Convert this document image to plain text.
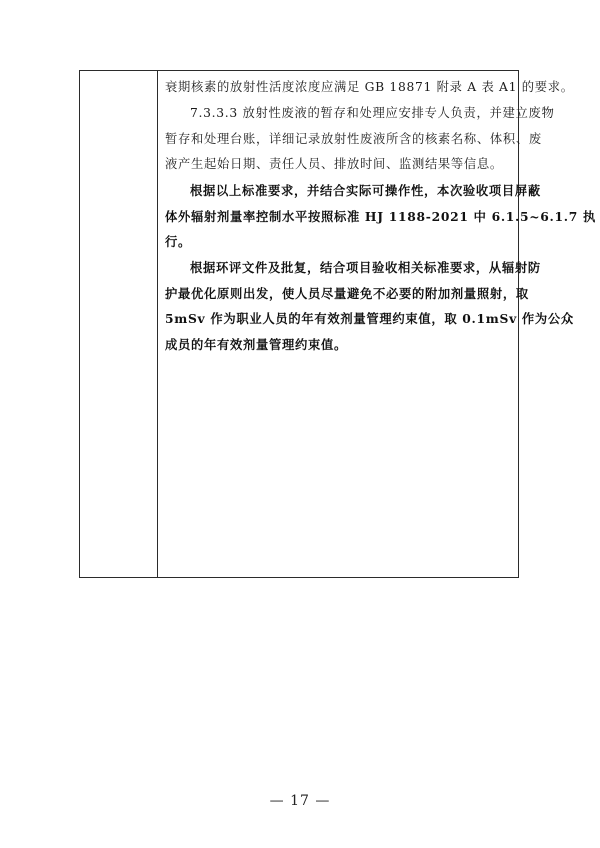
衰期核素的放射性活度浓度应满足 GB 18871 附录 A 表 A1 的要求。

7.3.3.3 放射性废液的暂存和处理应安排专人负责，并建立废物
暂存和处理台账，详细记录放射性废液所含的核素名称、体积、废
液产生起始日期、责任人员、排放时间、监测结果等信息。

根据以上标准要求，并结合实际可操作性，本次验收项目屏蔽
体外辐射剂量率控制水平按照标准 HJ 1188-2021 中 6.1.5~6.1.7 执
行。

根据环评文件及批复，结合项目验收相关标准要求，从辐射防
护最优化原则出发，使人员尽量避免不必要的附加剂量照射，取
5mSv 作为职业人员的年有效剂量管理约束值，取 0.1mSv 作为公众
成员的年有效剂量管理约束值。

— 17 —
